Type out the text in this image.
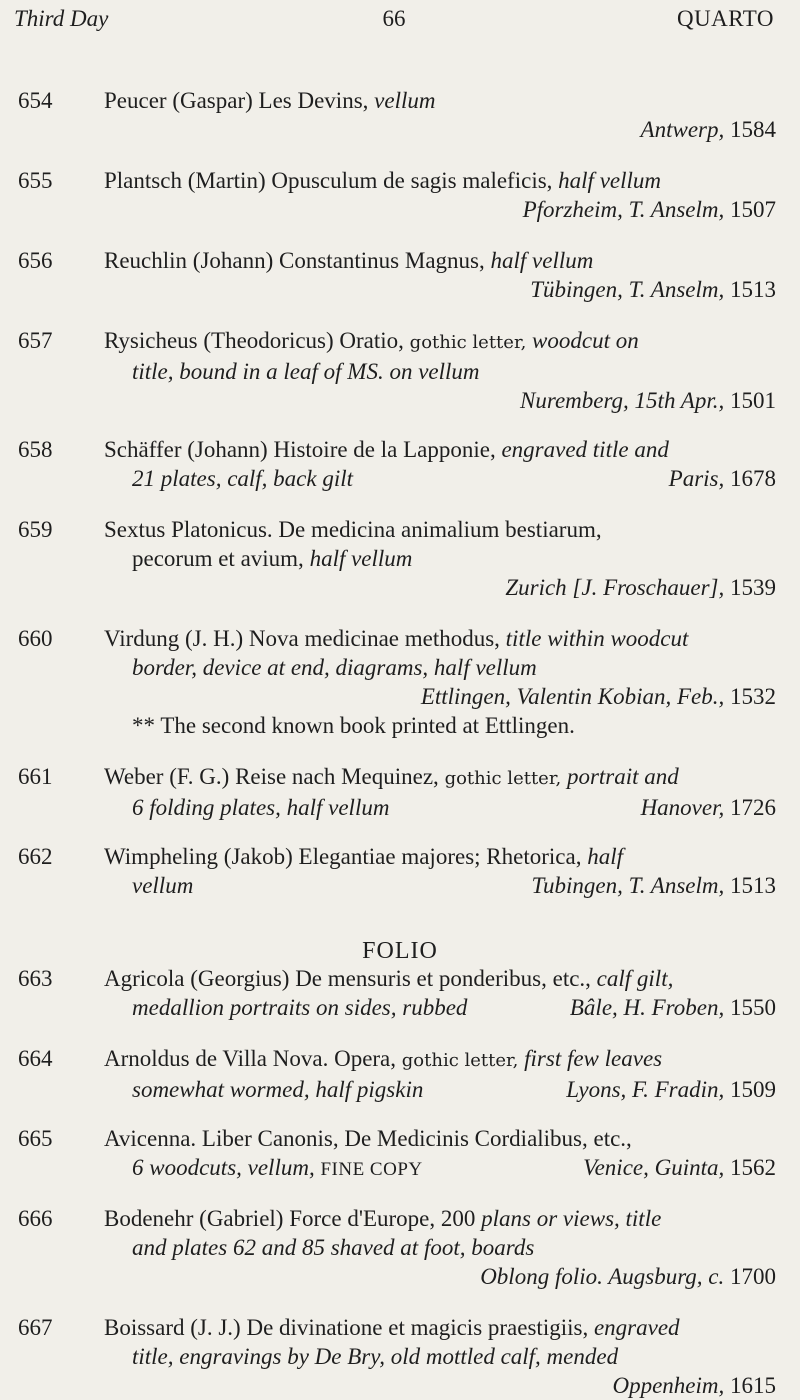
Third Day	66	QUARTO
654	Peucer (Gaspar) Les Devins, vellum
Antwerp, 1584
655	Plantsch (Martin) Opusculum de sagis maleficis, half vellum
Pforzheim, T. Anselm, 1507
656	Reuchlin (Johann) Constantinus Magnus, half vellum
Tübingen, T. Anselm, 1513
657	Rysicheus (Theodoricus) Oratio, gothic letter, woodcut on
title, bound in a leaf of MS. on vellum
Nuremberg, 15th Apr., 1501
658	Schäffer (Johann) Histoire de la Lapponie, engraved title and
21 plates, calf, back gilt	Paris, 1678
659	Sextus Platonicus. De medicina animalium bestiarum,
pecorum et avium, half vellum
Zurich [J. Froschauer], 1539
660	Virdung (J. H.) Nova medicinae methodus, title within woodcut
border, device at end, diagrams, half vellum
Ettlingen, Valentin Kobian, Feb., 1532
** The second known book printed at Ettlingen.
661	Weber (F. G.) Reise nach Mequinez, gothic letter, portrait and
6 folding plates, half vellum	Hanover, 1726
662	Wimpheling (Jakob) Elegantiae majores; Rhetorica, half
vellum	Tubingen, T. Anselm, 1513
663	Agricola (Georgius) De mensuris et ponderibus, etc., calf gilt,
medallion portraits on sides, rubbed	Bâle, H. Froben, 1550
664	Arnoldus de Villa Nova. Opera, gothic letter, first few leaves
somewhat wormed, half pigskin	Lyons, F. Fradin, 1509
665	Avicenna. Liber Canonis, De Medicinis Cordialibus, etc.,
6 woodcuts, vellum, FINE COPY	Venice, Guinta, 1562
666	Bodenehr (Gabriel) Force d'Europe, 200 plans or views, title
and plates 62 and 85 shaved at foot, boards
Oblong folio. Augsburg, c. 1700
667	Boissard (J. J.) De divinatione et magicis praestigiis, engraved
title, engravings by De Bry, old mottled calf, mended
Oppenheim, 1615
FOLIO
